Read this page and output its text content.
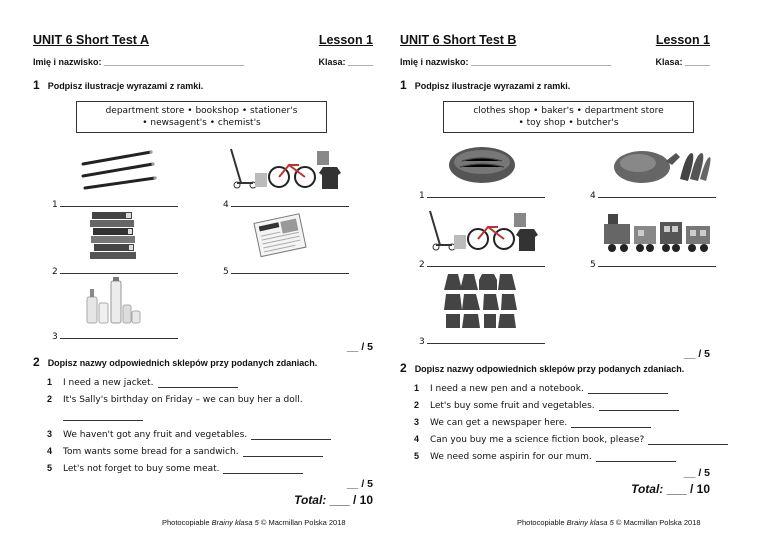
UNIT 6 Short Test A	Lesson 1
Imię i nazwisko: ____________________________	Klasa: _____
1 Podpisz ilustracje wyrazami z ramki.
department store • bookshop • stationer's
• newsagent's • chemist's
1
2
3
4
5
__ / 5
2 Dopisz nazwy odpowiednich sklepów przy podanych zdaniach.
1 I need a new jacket.
2 It's Sally's birthday on Friday – we can buy her a doll.
3 We haven't got any fruit and vegetables.
4 Tom wants some bread for a sandwich.
5 Let's not forget to buy some meat.
__ / 5
Total: ___ / 10
Photocopiable Brainy klasa 5 © Macmillan Polska 2018
UNIT 6 Short Test B	Lesson 1
Imię i nazwisko: ____________________________	Klasa: _____
1 Podpisz ilustracje wyrazami z ramki.
clothes shop • baker's • department store
• toy shop • butcher's
1
2
3
4
5
__ / 5
2 Dopisz nazwy odpowiednich sklepów przy podanych zdaniach.
1 I need a new pen and a notebook.
2 Let's buy some fruit and vegetables.
3 We can get a newspaper here.
4 Can you buy me a science fiction book, please?
5 We need some aspirin for our mum.
__ / 5
Total: ___ / 10
Photocopiable Brainy klasa 5 © Macmillan Polska 2018
